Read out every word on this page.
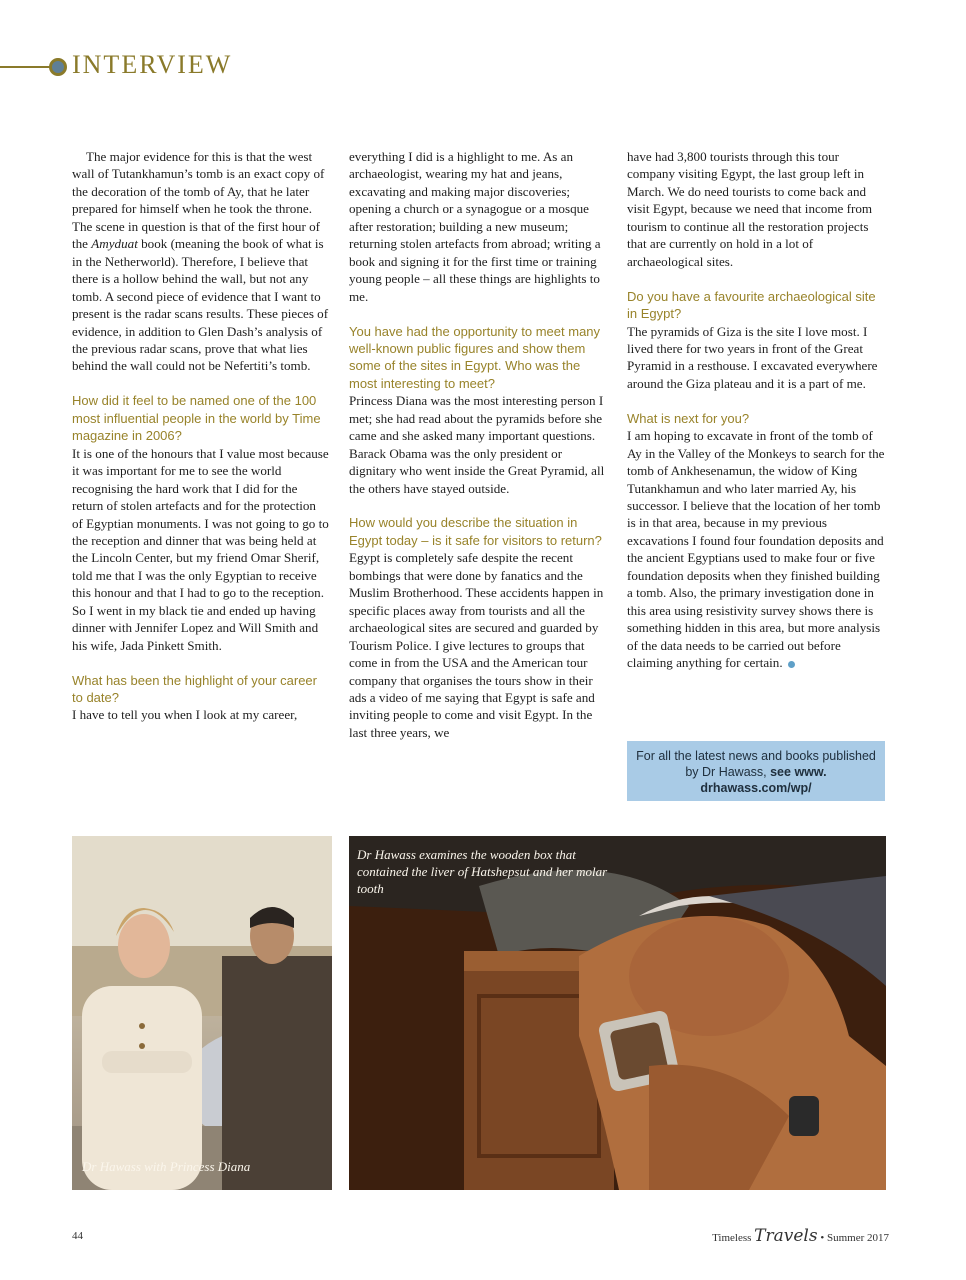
INTERVIEW

The major evidence for this is that the west wall of Tutankhamun’s tomb is an exact copy of the decoration of the tomb of Ay, that he later prepared for himself when he took the throne. The scene in question is that of the first hour of the Amyduat book (meaning the book of what is in the Netherworld). Therefore, I believe that there is a hollow behind the wall, but not any tomb. A second piece of evidence that I want to present is the radar scans results. These pieces of evidence, in addition to Glen Dash’s analysis of the previous radar scans, prove that what lies behind the wall could not be Nefertiti’s tomb.

How did it feel to be named one of the 100 most influential people in the world by Time magazine in 2006?

It is one of the honours that I value most because it was important for me to see the world recognising the hard work that I did for the return of stolen artefacts and for the protection of Egyptian monuments. I was not going to go to the reception and dinner that was being held at the Lincoln Center, but my friend Omar Sherif, told me that I was the only Egyptian to receive this honour and that I had to go to the reception. So I went in my black tie and ended up having dinner with Jennifer Lopez and Will Smith and his wife, Jada Pinkett Smith.

What has been the highlight of your career to date?

I have to tell you when I look at my career,

everything I did is a highlight to me. As an archaeologist, wearing my hat and jeans, excavating and making major discoveries; opening a church or a synagogue or a mosque after restoration; building a new museum; returning stolen artefacts from abroad; writing a book and signing it for the first time or training young people – all these things are highlights to me.

You have had the opportunity to meet many well-known public figures and show them some of the sites in Egypt. Who was the most interesting to meet?

Princess Diana was the most interesting person I met; she had read about the pyramids before she came and she asked many important questions. Barack Obama was the only president or dignitary who went inside the Great Pyramid, all the others have stayed outside.

How would you describe the situation in Egypt today – is it safe for visitors to return?

Egypt is completely safe despite the recent bombings that were done by fanatics and the Muslim Brotherhood. These accidents happen in specific places away from tourists and all the archaeological sites are secured and guarded by Tourism Police. I give lectures to groups that come in from the USA and the American tour company that organises the tours show in their ads a video of me saying that Egypt is safe and inviting people to come and visit Egypt. In the last three years, we

have had 3,800 tourists through this tour company visiting Egypt, the last group left in March. We do need tourists to come back and visit Egypt, because we need that income from tourism to continue all the restoration projects that are currently on hold in a lot of archaeological sites.

Do you have a favourite archaeological site in Egypt?

The pyramids of Giza is the site I love most. I lived there for two years in front of the Great Pyramid in a resthouse. I excavated everywhere around the Giza plateau and it is a part of me.

What is next for you?

I am hoping to excavate in front of the tomb of Ay in the Valley of the Monkeys to search for the tomb of Ankhesenamun, the widow of King Tutankhamun and who later married Ay, his successor. I believe that the location of her tomb is in that area, because in my previous excavations I found four foundation deposits and the ancient Egyptians used to make four or five foundation deposits when they finished building a tomb. Also, the primary investigation done in this area using resistivity survey shows there is something hidden in this area, but more analysis of the data needs to be carried out before claiming anything for certain.

For all the latest news and books published by Dr Hawass, see www. drhawass.com/wp/
Dr Hawass with Princess Diana
Dr Hawass examines the wooden box that contained the liver of Hatshepsut and her molar tooth
44	Timeless Travels • Summer 2017
